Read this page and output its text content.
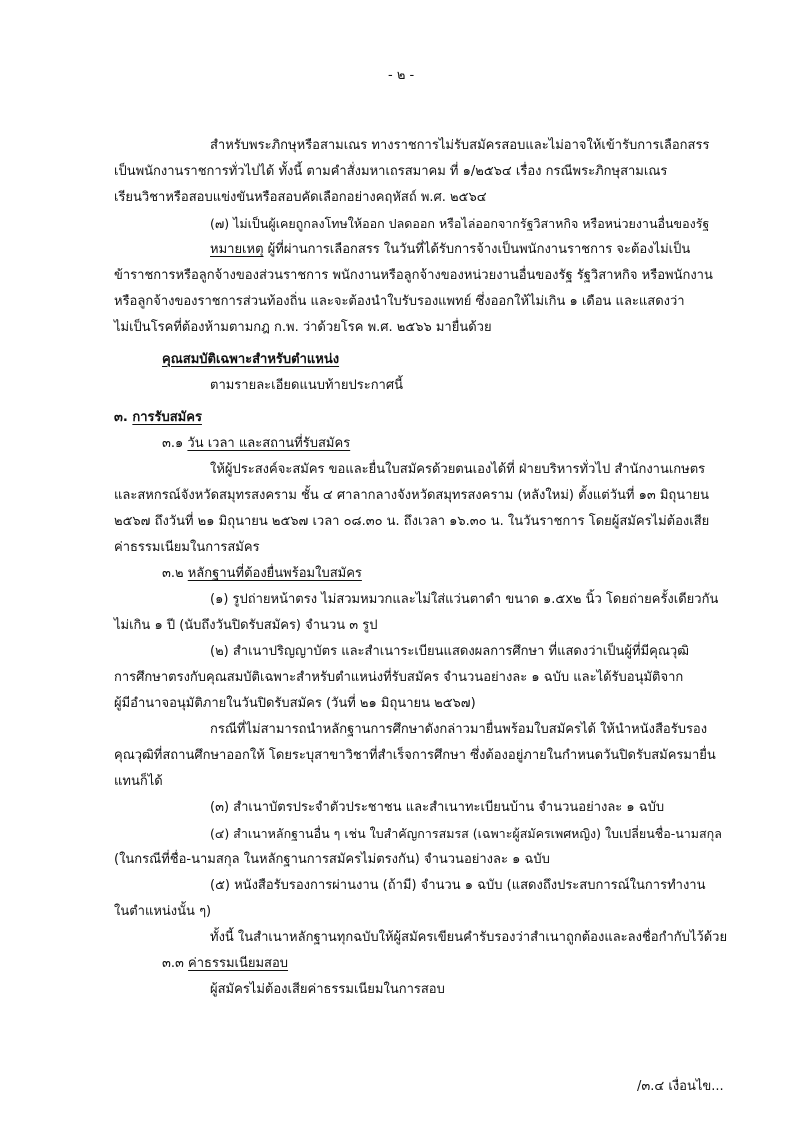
- ๒ -
สำหรับพระภิกษุหรือสามเณร ทางราชการไม่รับสมัครสอบและไม่อาจให้เข้ารับการเลือกสรร
เป็นพนักงานราชการทั่วไปได้ ทั้งนี้ ตามคำสั่งมหาเถรสมาคม ที่ ๑/๒๕๖๔ เรื่อง กรณีพระภิกษุสามเณร
เรียนวิชาหรือสอบแข่งขันหรือสอบคัดเลือกอย่างคฤหัสถ์ พ.ศ. ๒๕๖๔
(๗) ไม่เป็นผู้เคยถูกลงโทษให้ออก ปลดออก หรือไล่ออกจากรัฐวิสาหกิจ หรือหน่วยงานอื่นของรัฐ
หมายเหตุ ผู้ที่ผ่านการเลือกสรร ในวันที่ได้รับการจ้างเป็นพนักงานราชการ จะต้องไม่เป็น
ข้าราชการหรือลูกจ้างของส่วนราชการ พนักงานหรือลูกจ้างของหน่วยงานอื่นของรัฐ รัฐวิสาหกิจ หรือพนักงาน
หรือลูกจ้างของราชการส่วนท้องถิ่น และจะต้องนำใบรับรองแพทย์ ซึ่งออกให้ไม่เกิน ๑ เดือน และแสดงว่า
ไม่เป็นโรคที่ต้องห้ามตามกฎ ก.พ. ว่าด้วยโรค พ.ศ. ๒๕๖๖ มายื่นด้วย
คุณสมบัติเฉพาะสำหรับตำแหน่ง
ตามรายละเอียดแนบท้ายประกาศนี้
๓. การรับสมัคร
๓.๑ วัน เวลา และสถานที่รับสมัคร
ให้ผู้ประสงค์จะสมัคร ขอและยื่นใบสมัครด้วยตนเองได้ที่ ฝ่ายบริหารทั่วไป สำนักงานเกษตร
และสหกรณ์จังหวัดสมุทรสงคราม ชั้น ๔ ศาลากลางจังหวัดสมุทรสงคราม (หลังใหม่) ตั้งแต่วันที่ ๑๓ มิถุนายน
๒๕๖๗ ถึงวันที่ ๒๑ มิถุนายน ๒๕๖๗ เวลา ๐๘.๓๐ น. ถึงเวลา ๑๖.๓๐ น. ในวันราชการ โดยผู้สมัครไม่ต้องเสีย
ค่าธรรมเนียมในการสมัคร
๓.๒ หลักฐานที่ต้องยื่นพร้อมใบสมัคร
(๑) รูปถ่ายหน้าตรง ไม่สวมหมวกและไม่ใส่แว่นตาดำ ขนาด ๑.๕x๒ นิ้ว โดยถ่ายครั้งเดียวกัน
ไม่เกิน ๑ ปี (นับถึงวันปิดรับสมัคร) จำนวน ๓ รูป
(๒) สำเนาปริญญาบัตร และสำเนาระเบียนแสดงผลการศึกษา ที่แสดงว่าเป็นผู้ที่มีคุณวุฒิ
การศึกษาตรงกับคุณสมบัติเฉพาะสำหรับตำแหน่งที่รับสมัคร จำนวนอย่างละ ๑ ฉบับ และได้รับอนุมัติจาก
ผู้มีอำนาจอนุมัติภายในวันปิดรับสมัคร (วันที่ ๒๑ มิถุนายน ๒๕๖๗)
กรณีที่ไม่สามารถนำหลักฐานการศึกษาดังกล่าวมายื่นพร้อมใบสมัครได้ ให้นำหนังสือรับรอง
คุณวุฒิที่สถานศึกษาออกให้ โดยระบุสาขาวิชาที่สำเร็จการศึกษา ซึ่งต้องอยู่ภายในกำหนดวันปิดรับสมัครมายื่น
แทนก็ได้
(๓) สำเนาบัตรประจำตัวประชาชน และสำเนาทะเบียนบ้าน จำนวนอย่างละ ๑ ฉบับ
(๔) สำเนาหลักฐานอื่น ๆ เช่น ใบสำคัญการสมรส (เฉพาะผู้สมัครเพศหญิง) ใบเปลี่ยนชื่อ-นามสกุล
(ในกรณีที่ชื่อ-นามสกุล ในหลักฐานการสมัครไม่ตรงกัน) จำนวนอย่างละ ๑ ฉบับ
(๕) หนังสือรับรองการผ่านงาน (ถ้ามี) จำนวน ๑ ฉบับ (แสดงถึงประสบการณ์ในการทำงาน
ในตำแหน่งนั้น ๆ)
ทั้งนี้ ในสำเนาหลักฐานทุกฉบับให้ผู้สมัครเขียนคำรับรองว่าสำเนาถูกต้องและลงชื่อกำกับไว้ด้วย
๓.๓ ค่าธรรมเนียมสอบ
ผู้สมัครไม่ต้องเสียค่าธรรมเนียมในการสอบ
/๓.๔ เงื่อนไข...
